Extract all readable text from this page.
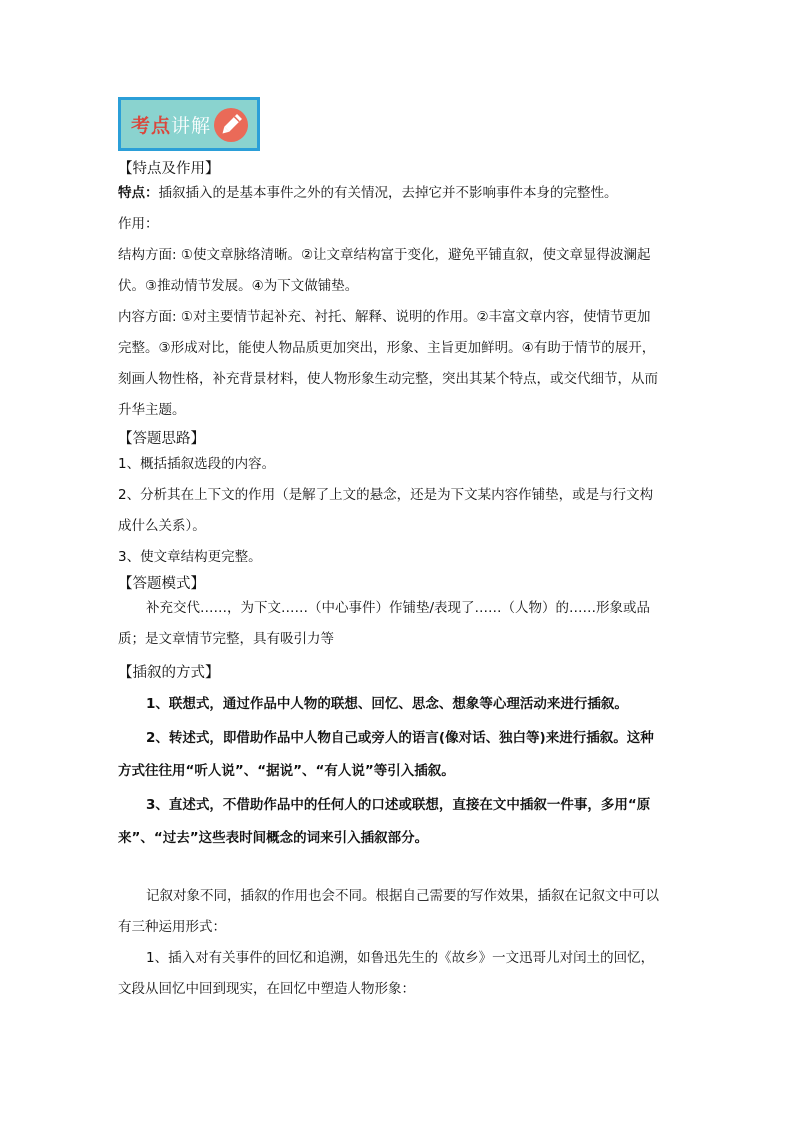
考点 讲解
【特点及作用】
特点：插叙插入的是基本事件之外的有关情况，去掉它并不影响事件本身的完整性。
作用：
结构方面: ①使文章脉络清晰。②让文章结构富于变化，避免平铺直叙，使文章显得波澜起
伏。③推动情节发展。④为下文做铺垫。
内容方面: ①对主要情节起补充、衬托、解释、说明的作用。②丰富文章内容，使情节更加
完整。③形成对比，能使人物品质更加突出，形象、主旨更加鲜明。④有助于情节的展开，
刻画人物性格，补充背景材料，使人物形象生动完整，突出其某个特点，或交代细节，从而
升华主题。
【答题思路】
1、概括插叙选段的内容。
2、分析其在上下文的作用（是解了上文的悬念，还是为下文某内容作铺垫，或是与行文构
成什么关系）。
3、使文章结构更完整。
【答题模式】
补充交代……，为下文……（中心事件）作铺垫/表现了……（人物）的……形象或品
质；是文章情节完整，具有吸引力等
【插叙的方式】
1、联想式，通过作品中人物的联想、回忆、思念、想象等心理活动来进行插叙。
2、转述式，即借助作品中人物自己或旁人的语言(像对话、独白等)来进行插叙。这种
方式往往用“听人说”、“据说”、“有人说”等引入插叙。
3、直述式，不借助作品中的任何人的口述或联想，直接在文中插叙一件事，多用“原
来”、“过去”这些表时间概念的词来引入插叙部分。
记叙对象不同，插叙的作用也会不同。根据自己需要的写作效果，插叙在记叙文中可以
有三种运用形式：
1、插入对有关事件的回忆和追溯，如鲁迅先生的《故乡》一文迅哥儿对闰土的回忆，
文段从回忆中回到现实，在回忆中塑造人物形象：
